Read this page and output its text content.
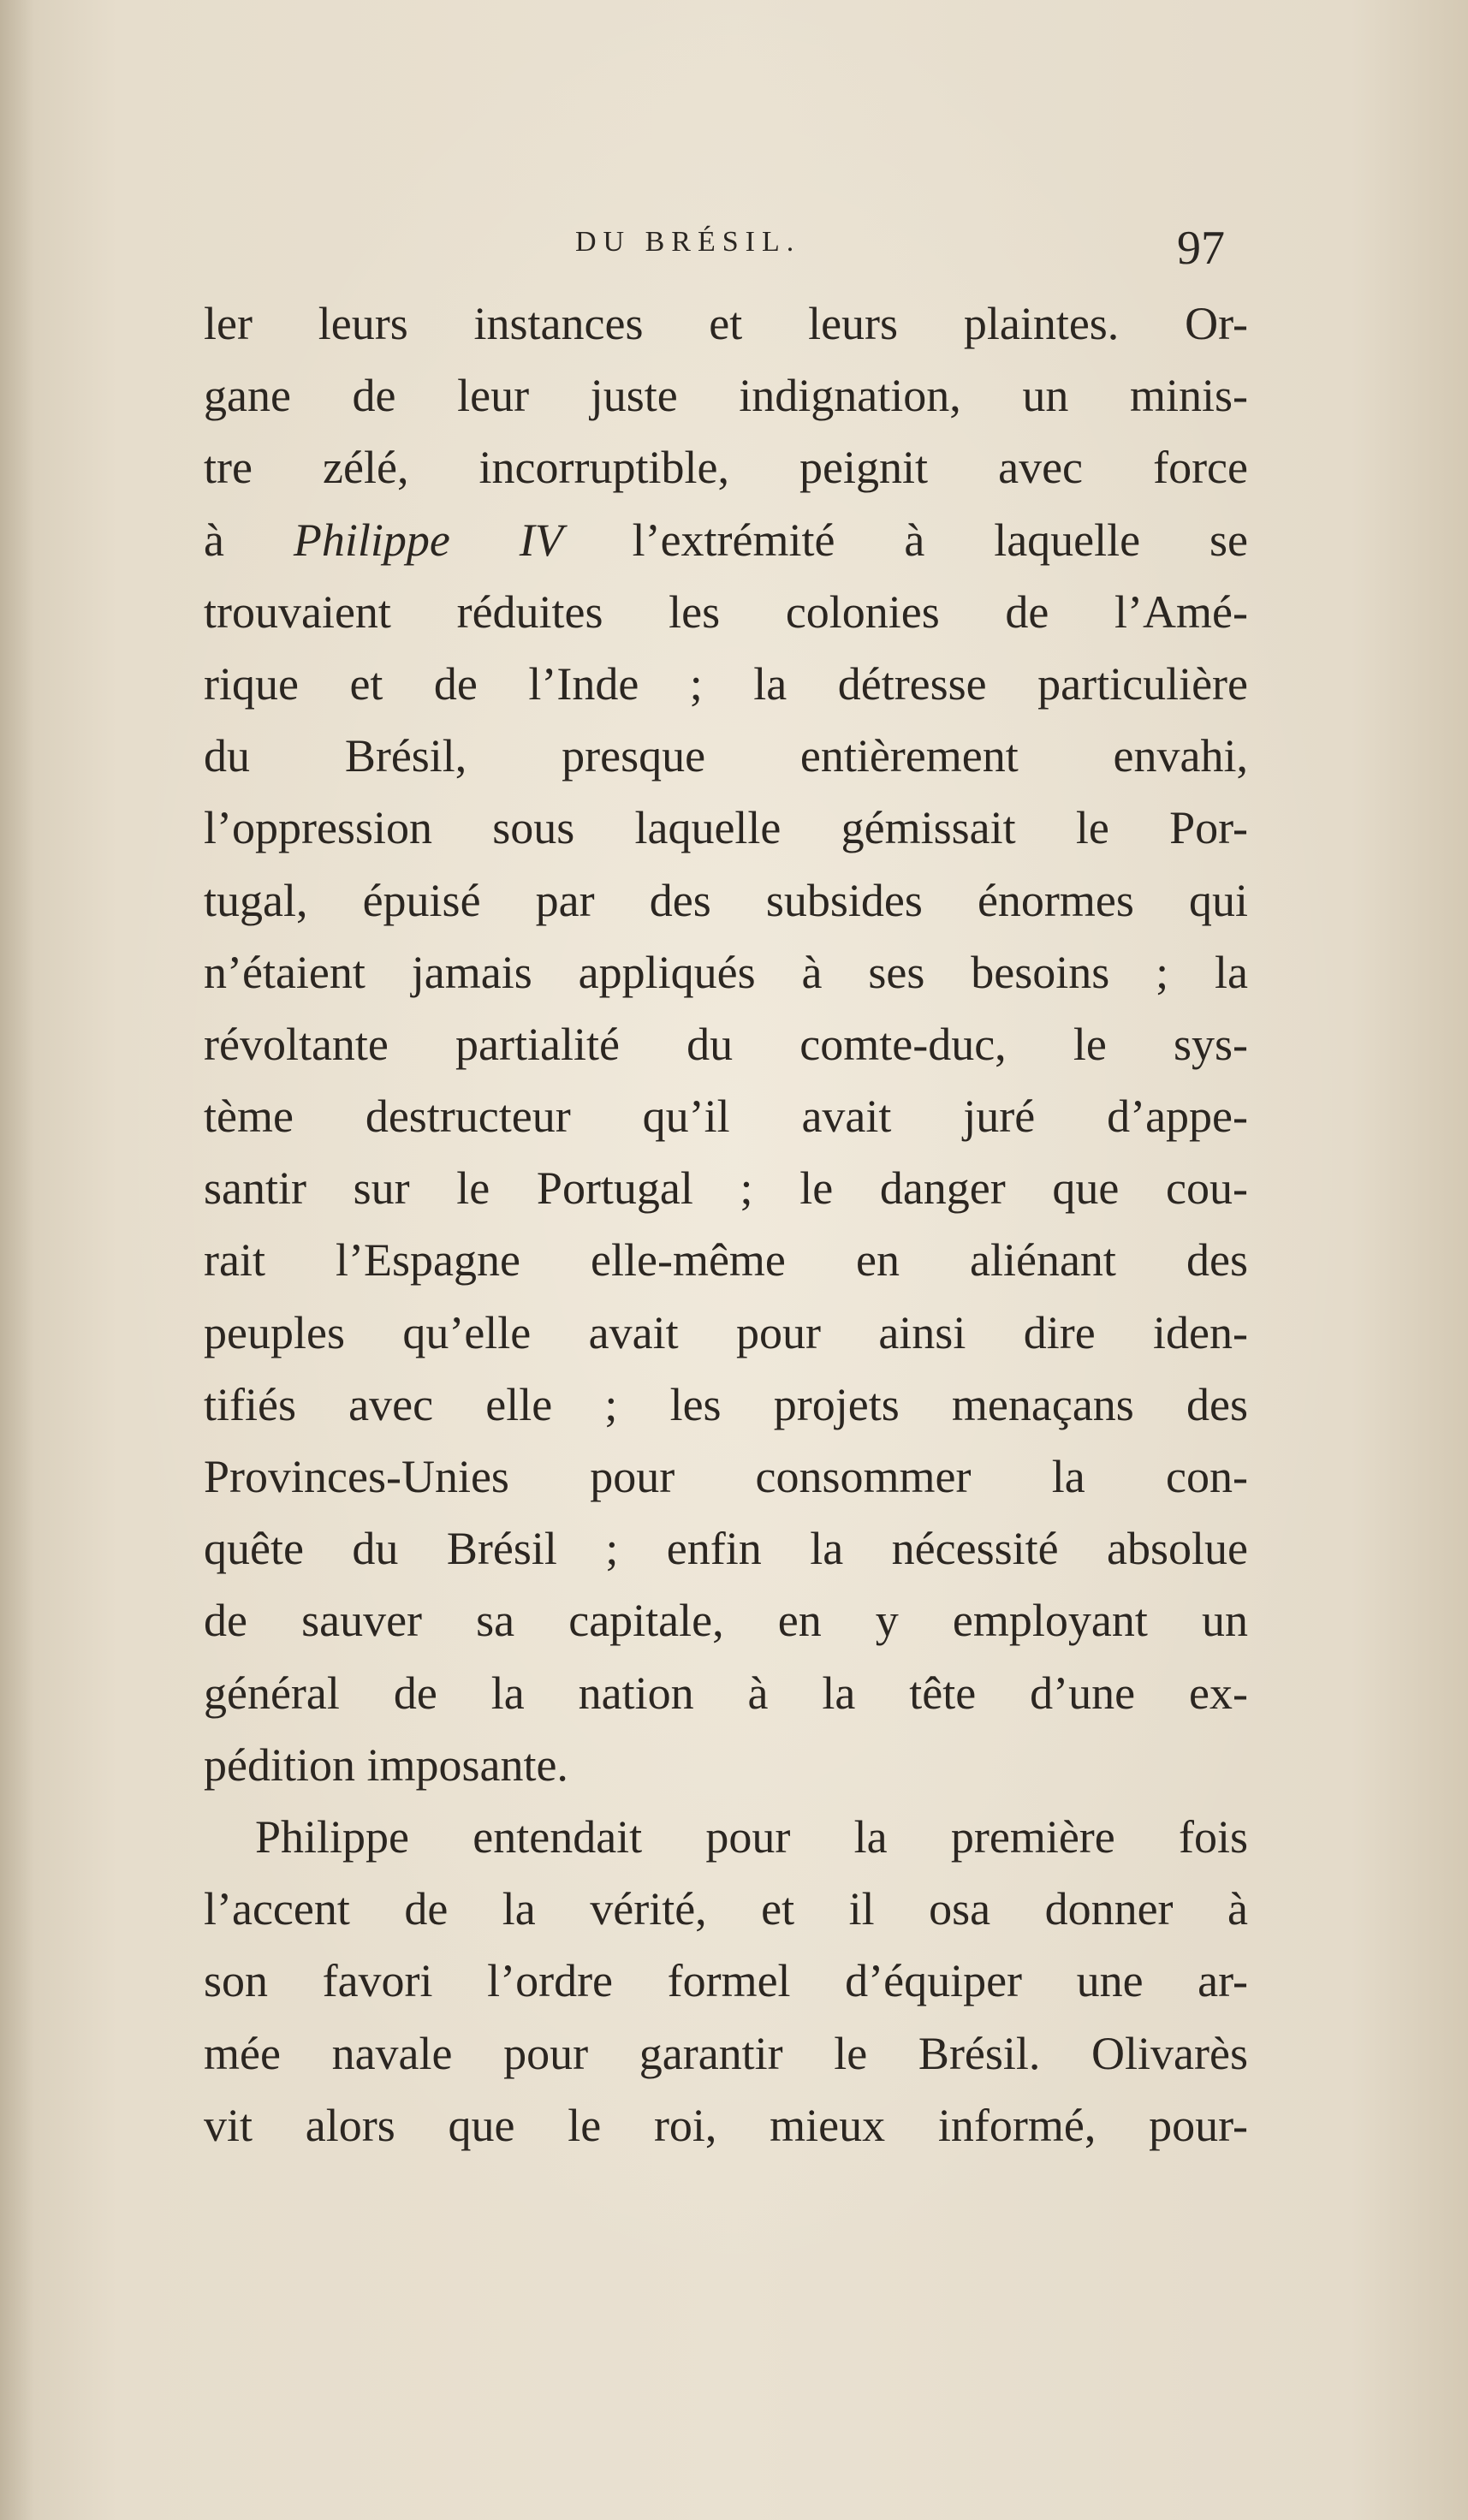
DU BRÉSIL.	97
ler leurs instances et leurs plaintes. Or-
gane de leur juste indignation, un minis-
tre zélé, incorruptible, peignit avec force
à Philippe IV l’extrémité à laquelle se
trouvaient réduites les colonies de l’Amé-
rique et de l’Inde ; la détresse particulière
du Brésil, presque entièrement envahi,
l’oppression sous laquelle gémissait le Por-
tugal, épuisé par des subsides énormes qui
n’étaient jamais appliqués à ses besoins ; la
révoltante partialité du comte-duc, le sys-
tème destructeur qu’il avait juré d’appe-
santir sur le Portugal ; le danger que cou-
rait l’Espagne elle-même en aliénant des
peuples qu’elle avait pour ainsi dire iden-
tifiés avec elle ; les projets menaçans des
Provinces-Unies pour consommer la con-
quête du Brésil ; enfin la nécessité absolue
de sauver sa capitale, en y employant un
général de la nation à la tête d’une ex-
pédition imposante.
Philippe entendait pour la première fois
l’accent de la vérité, et il osa donner à
son favori l’ordre formel d’équiper une ar-
mée navale pour garantir le Brésil. Olivarès
vit alors que le roi, mieux informé, pour-
